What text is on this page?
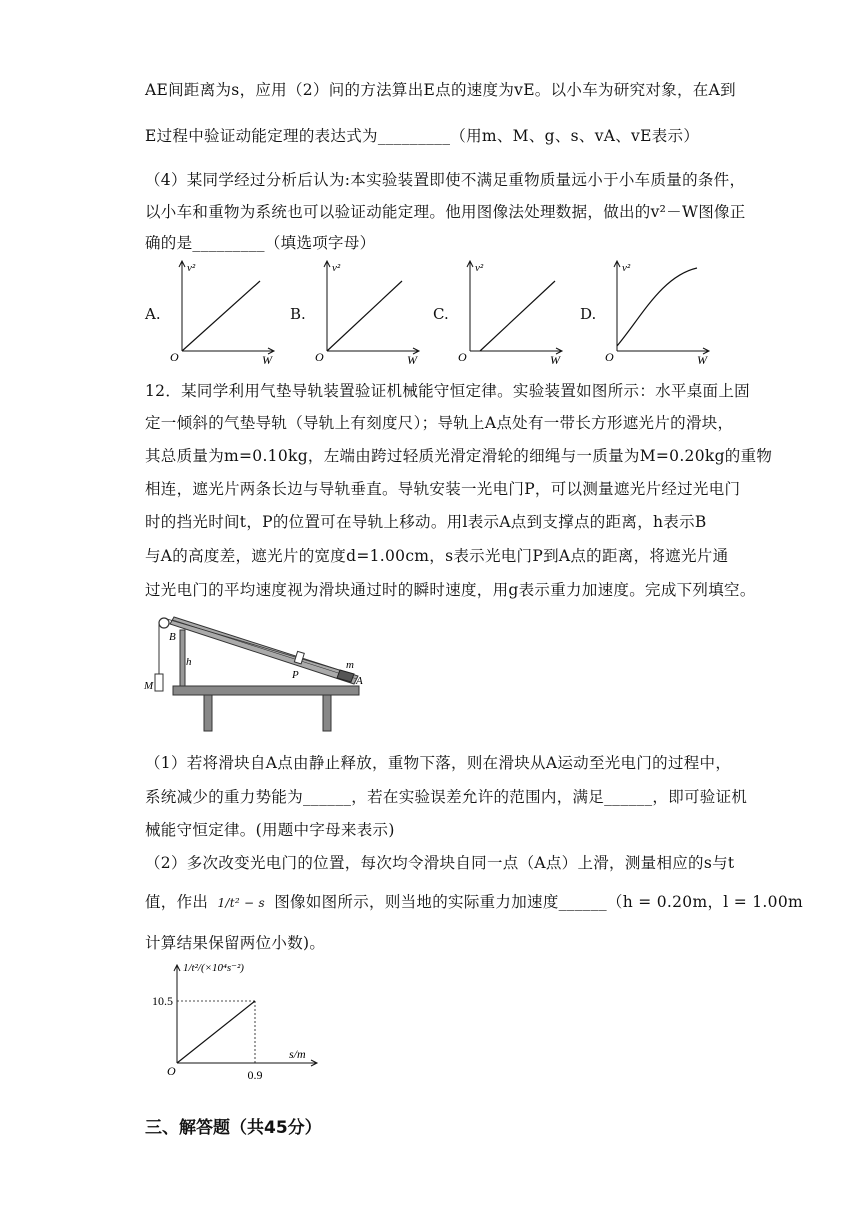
AE间距离为s，应用（2）问的方法算出E点的速度为vE。以小车为研究对象，在A到
E过程中验证动能定理的表达式为_________（用m、M、g、s、vA、vE表示）
（4）某同学经过分析后认为:本实验装置即使不满足重物质量远小于小车质量的条件，
以小车和重物为系统也可以验证动能定理。他用图像法处理数据，做出的v²－W图像正
确的是_________（填选项字母）
A.
v²
W
O
B.
v²
W
O
C.
v²
W
O
D.
v²
W
O
12．某同学利用气垫导轨装置验证机械能守恒定律。实验装置如图所示：水平桌面上固
定一倾斜的气垫导轨（导轨上有刻度尺）；导轨上A点处有一带长方形遮光片的滑块，
其总质量为m=0.10kg，左端由跨过轻质光滑定滑轮的细绳与一质量为M=0.20kg的重物
相连，遮光片两条长边与导轨垂直。导轨安装一光电门P，可以测量遮光片经过光电门
时的挡光时间t，P的位置可在导轨上移动。用l表示A点到支撑点的距离，h表示B
与A的高度差，遮光片的宽度d=1.00cm，s表示光电门P到A点的距离，将遮光片通
过光电门的平均速度视为滑块通过时的瞬时速度，用g表示重力加速度。完成下列填空。
B
h
M
P
m
A
（1）若将滑块自A点由静止释放，重物下落，则在滑块从A运动至光电门的过程中，
系统减少的重力势能为______，若在实验误差允许的范围内，满足______，即可验证机
械能守恒定律。(用题中字母来表示)
（2）多次改变光电门的位置，每次均令滑块自同一点（A点）上滑，测量相应的s与t
值，作出 1/t² − s 图像如图所示，则当地的实际重力加速度______（h = 0.20m，l = 1.00m
计算结果保留两位小数)。
10.5
0.9
O
s/m
1/t²/(×10⁴s⁻²)
三、解答题（共45分）
